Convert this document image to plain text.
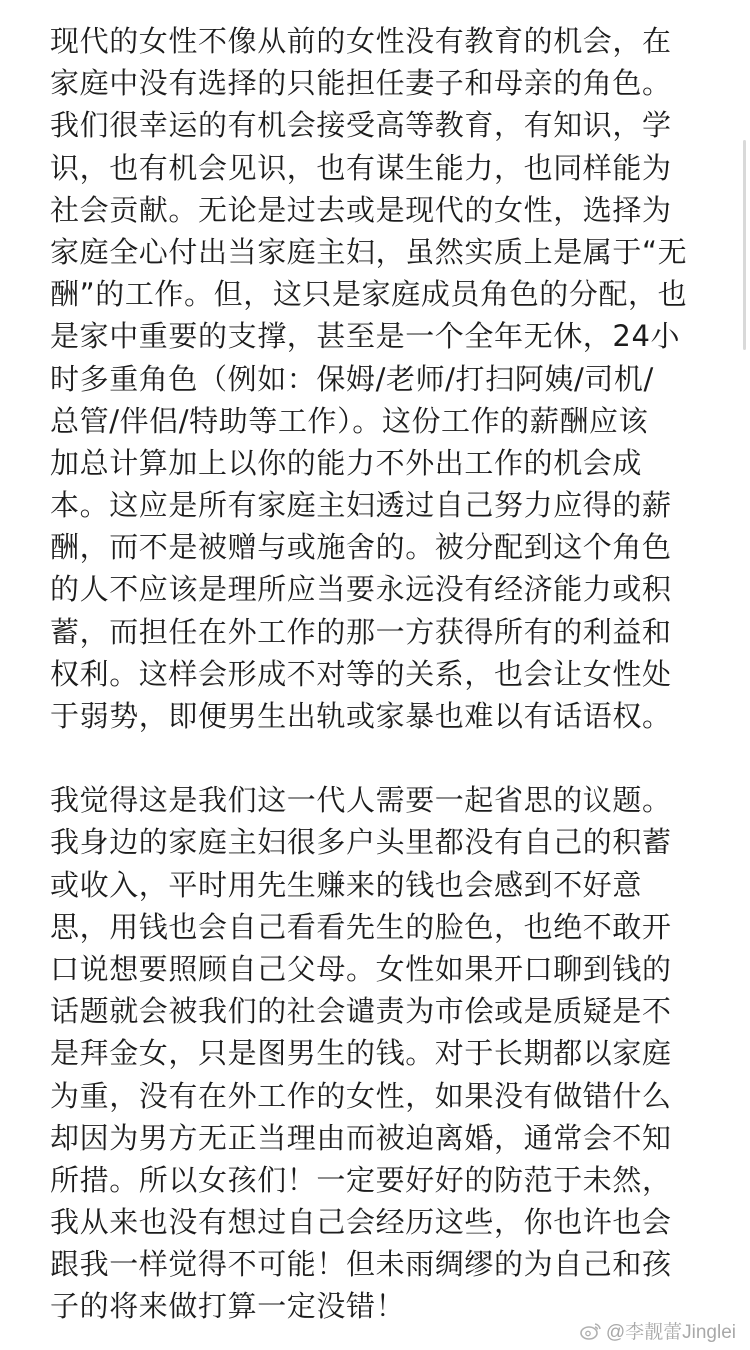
现代的女性不像从前的女性没有教育的机会，在
家庭中没有选择的只能担任妻子和母亲的角色。
我们很幸运的有机会接受高等教育，有知识，学
识，也有机会见识，也有谋生能力，也同样能为
社会贡献。无论是过去或是现代的女性，选择为
家庭全心付出当家庭主妇，虽然实质上是属于“无
酬”的工作。但，这只是家庭成员角色的分配，也
是家中重要的支撑，甚至是一个全年无休，24小
时多重角色（例如：保姆/老师/打扫阿姨/司机/
总管/伴侣/特助等工作）。这份工作的薪酬应该
加总计算加上以你的能力不外出工作的机会成
本。这应是所有家庭主妇透过自己努力应得的薪
酬，而不是被赠与或施舍的。被分配到这个角色
的人不应该是理所应当要永远没有经济能力或积
蓄，而担任在外工作的那一方获得所有的利益和
权利。这样会形成不对等的关系，也会让女性处
于弱势，即便男生出轨或家暴也难以有话语权。
我觉得这是我们这一代人需要一起省思的议题。
我身边的家庭主妇很多户头里都没有自己的积蓄
或收入，平时用先生赚来的钱也会感到不好意
思，用钱也会自己看看先生的脸色，也绝不敢开
口说想要照顾自己父母。女性如果开口聊到钱的
话题就会被我们的社会谴责为市侩或是质疑是不
是拜金女，只是图男生的钱。对于长期都以家庭
为重，没有在外工作的女性，如果没有做错什么
却因为男方无正当理由而被迫离婚，通常会不知
所措。所以女孩们！一定要好好的防范于未然，
我从来也没有想过自己会经历这些，你也许也会
跟我一样觉得不可能！但未雨绸缪的为自己和孩
子的将来做打算一定没错！
@李靓蕾Jinglei
